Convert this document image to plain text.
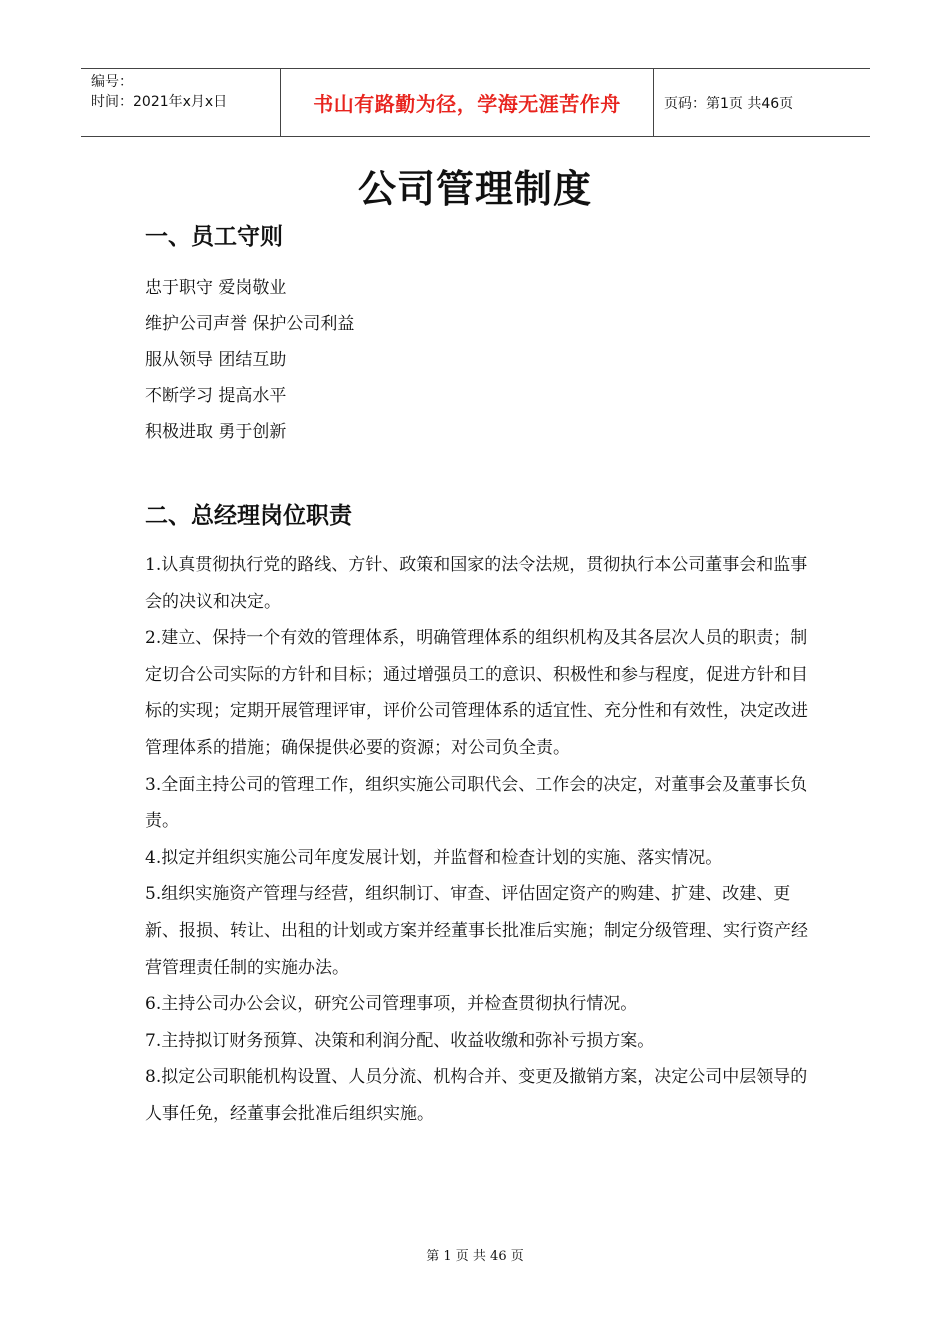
编号：
时间：2021年x月x日	书山有路勤为径，学海无涯苦作舟	页码：第1页 共46页
公司管理制度
一、员工守则

忠于职守 爱岗敬业

维护公司声誉 保护公司利益

服从领导 团结互助

不断学习 提高水平

积极进取 勇于创新

二、总经理岗位职责

1.认真贯彻执行党的路线、方针、政策和国家的法令法规，贯彻执行本公司董事会和监事会的决议和决定。

2.建立、保持一个有效的管理体系，明确管理体系的组织机构及其各层次人员的职责；制定切合公司实际的方针和目标；通过增强员工的意识、积极性和参与程度，促进方针和目标的实现；定期开展管理评审，评价公司管理体系的适宜性、充分性和有效性，决定改进管理体系的措施；确保提供必要的资源；对公司负全责。

3.全面主持公司的管理工作，组织实施公司职代会、工作会的决定，对董事会及董事长负责。

4.拟定并组织实施公司年度发展计划，并监督和检查计划的实施、落实情况。

5.组织实施资产管理与经营，组织制订、审查、评估固定资产的购建、扩建、改建、更新、报损、转让、出租的计划或方案并经董事长批准后实施；制定分级管理、实行资产经营管理责任制的实施办法。

6.主持公司办公会议，研究公司管理事项，并检查贯彻执行情况。

7.主持拟订财务预算、决策和利润分配、收益收缴和弥补亏损方案。

8.拟定公司职能机构设置、人员分流、机构合并、变更及撤销方案，决定公司中层领导的人事任免，经董事会批准后组织实施。

第 1 页 共 46 页
